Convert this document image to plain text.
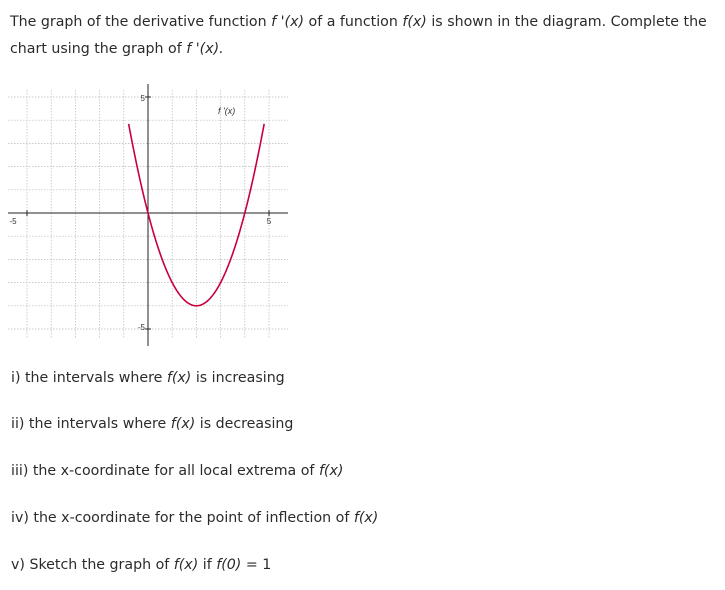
The graph of the derivative function f '(x) of a function f(x) is shown in the diagram. Complete the chart using the graph of f '(x).

-5	5
5
-5
f '(x)

i) the intervals where f(x) is increasing

ii) the intervals where f(x) is decreasing

iii) the x-coordinate for all local extrema of f(x)

iv) the x-coordinate for the point of inflection of f(x)

v) Sketch the graph of f(x) if f(0) = 1
